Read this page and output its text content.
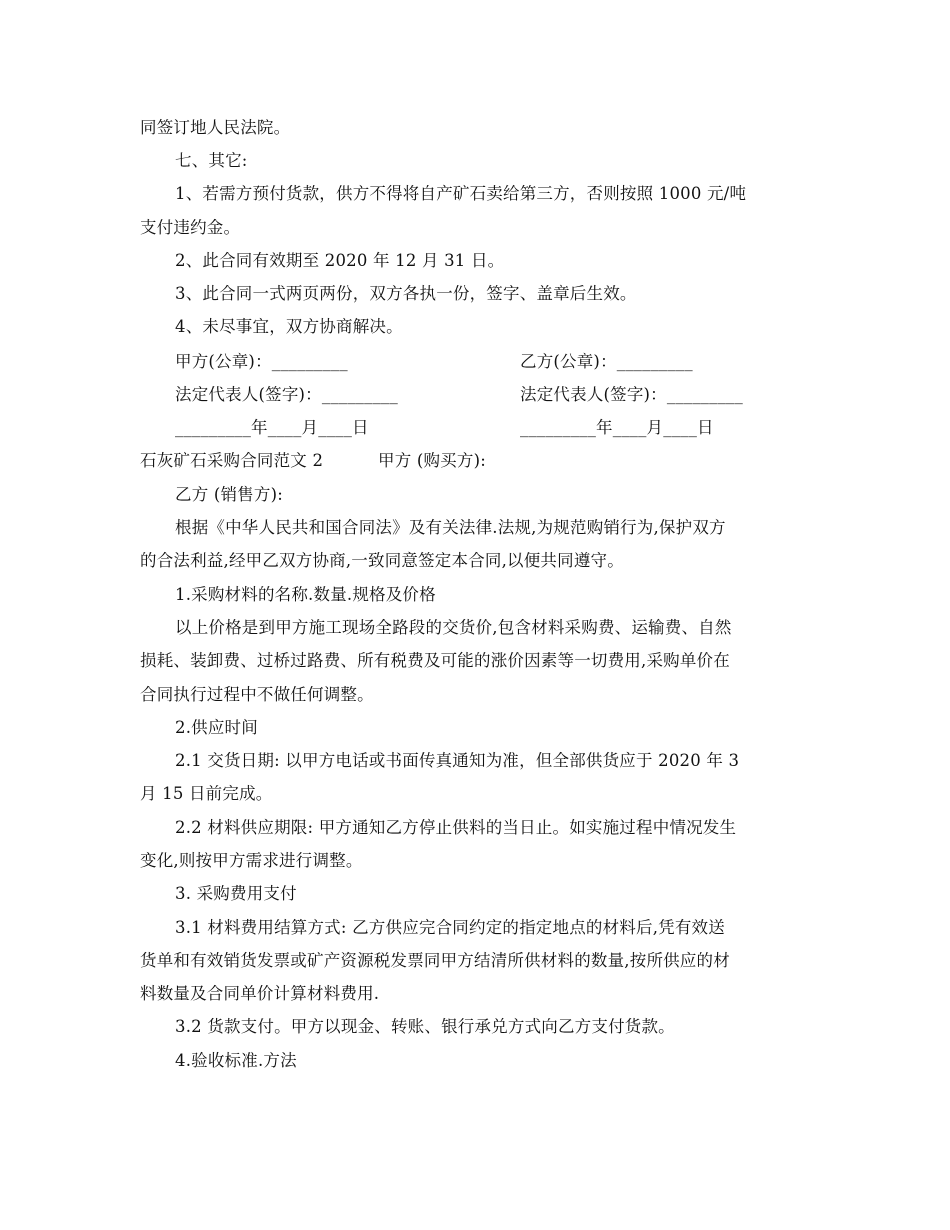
同签订地人民法院。
七、其它:
1、若需方预付货款，供方不得将自产矿石卖给第三方，否则按照 1000 元/吨
支付违约金。
2、此合同有效期至 2020 年 12 月 31 日。
3、此合同一式两页两份，双方各执一份，签字、盖章后生效。
4、未尽事宜，双方协商解决。
甲方(公章)：_________	乙方(公章)：_________
法定代表人(签字)：_________	法定代表人(签字)：_________
_________年____月____日	_________年____月____日
石灰矿石采购合同范文 2	甲方 (购买方):
乙方 (销售方):
根据《中华人民共和国合同法》及有关法律.法规,为规范购销行为,保护双方
的合法利益,经甲乙双方协商,一致同意签定本合同,以便共同遵守。
1.采购材料的名称.数量.规格及价格
以上价格是到甲方施工现场全路段的交货价,包含材料采购费、运输费、自然
损耗、装卸费、过桥过路费、所有税费及可能的涨价因素等一切费用,采购单价在
合同执行过程中不做任何调整。
2.供应时间
2.1 交货日期: 以甲方电话或书面传真通知为准，但全部供货应于 2020 年 3
月 15 日前完成。
2.2 材料供应期限: 甲方通知乙方停止供料的当日止。如实施过程中情况发生
变化,则按甲方需求进行调整。
3. 采购费用支付
3.1 材料费用结算方式: 乙方供应完合同约定的指定地点的材料后,凭有效送
货单和有效销货发票或矿产资源税发票同甲方结清所供材料的数量,按所供应的材
料数量及合同单价计算材料费用.
3.2 货款支付。甲方以现金、转账、银行承兑方式向乙方支付货款。
4.验收标准.方法
